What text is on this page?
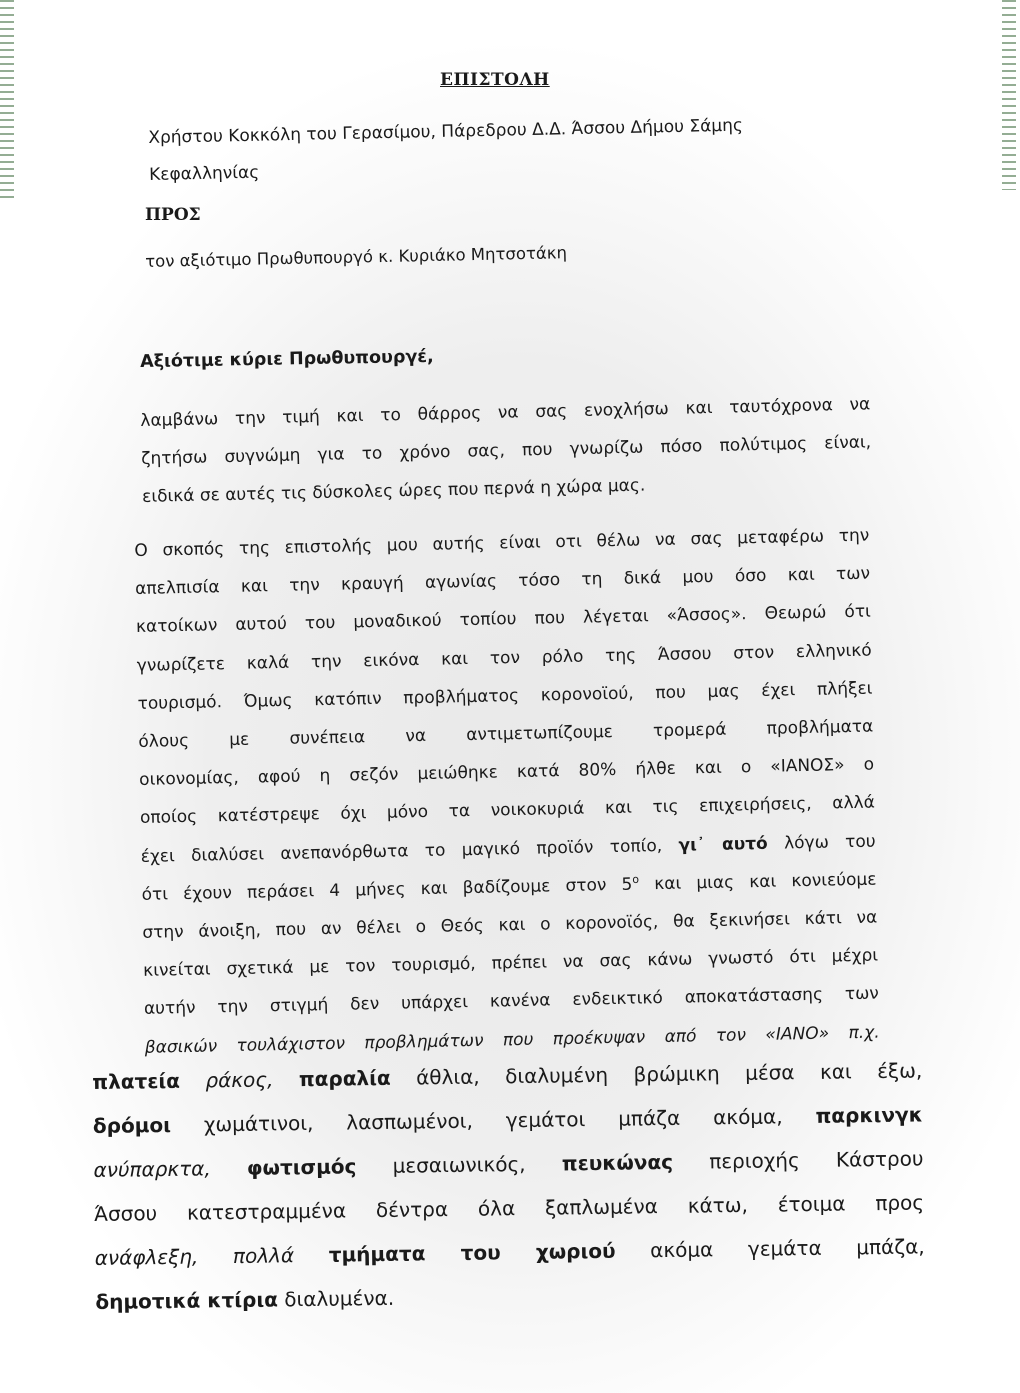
ΕΠΙΣΤΟΛΗ
Χρήστου Κοκκόλη του Γερασίμου, Πάρεδρου Δ.Δ. Άσσου Δήμου Σάμης
Κεφαλληνίας
ΠΡΟΣ
τον αξιότιμο Πρωθυπουργό κ. Κυριάκο Μητσοτάκη
Αξιότιμε κύριε Πρωθυπουργέ,
λαμβάνω την τιμή και το θάρρος να σας ενοχλήσω και ταυτόχρονα να
ζητήσω συγνώμη για το χρόνο σας, που γνωρίζω πόσο πολύτιμος είναι,
ειδικά σε αυτές τις δύσκολες ώρες που περνά η χώρα μας.
Ο σκοπός της επιστολής μου αυτής είναι οτι θέλω να σας μεταφέρω την
απελπισία και την κραυγή αγωνίας τόσο τη δικά μου όσο και των
κατοίκων αυτού του μοναδικού τοπίου που λέγεται «Άσσος». Θεωρώ ότι
γνωρίζετε καλά την εικόνα και τον ρόλο της Άσσου στον ελληνικό
τουρισμό. Όμως κατόπιν προβλήματος κορονοϊού, που μας έχει πλήξει
όλους με συνέπεια να αντιμετωπίζουμε τρομερά προβλήματα
οικονομίας, αφού η σεζόν μειώθηκε κατά 80% ήλθε και ο «ΙΑΝΟΣ» ο
οποίος κατέστρεψε όχι μόνο τα νοικοκυριά και τις επιχειρήσεις, αλλά
έχει διαλύσει ανεπανόρθωτα το μαγικό προϊόν τοπίο, γι᾽ αυτό λόγω του
ότι έχουν περάσει 4 μήνες και βαδίζουμε στον $5^o$ και μιας και κονιεύομε
στην άνοιξη, που αν θέλει ο Θεός και ο κορονοϊός, θα ξεκινήσει κάτι να
κινείται σχετικά με τον τουρισμό, πρέπει να σας κάνω γνωστό ότι μέχρι
αυτήν την στιγμή δεν υπάρχει κανένα ενδεικτικό αποκατάστασης των
βασικών τουλάχιστον προβλημάτων που προέκυψαν από τον «ΙΑΝΟ» π.χ.
πλατεία ράκος, παραλία άθλια, διαλυμένη βρώμικη μέσα και έξω,
δρόμοι χωμάτινοι, λασπωμένοι, γεμάτοι μπάζα ακόμα, παρκινγκ
ανύπαρκτα, φωτισμός μεσαιωνικός, πευκώνας περιοχής Κάστρου
Άσσου κατεστραμμένα δέντρα όλα ξαπλωμένα κάτω, έτοιμα προς
ανάφλεξη, πολλά τμήματα του χωριού ακόμα γεμάτα μπάζα,
δημοτικά κτίρια διαλυμένα.
